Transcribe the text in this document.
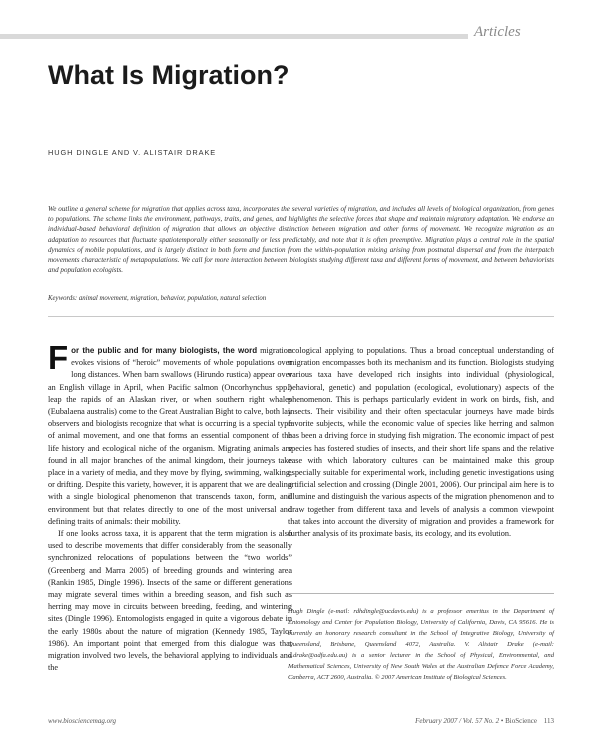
Articles
What Is Migration?
HUGH DINGLE AND V. ALISTAIR DRAKE

We outline a general scheme for migration that applies across taxa, incorporates the several varieties of migration, and includes all levels of biological organization, from genes to populations. The scheme links the environment, pathways, traits, and genes, and highlights the selective forces that shape and maintain migratory adaptation. We endorse an individual-based behavioral definition of migration that allows an objective distinction between migration and other forms of movement. We recognize migration as an adaptation to resources that fluctuate spatiotemporally either seasonally or less predictably, and note that it is often preemptive. Migration plays a central role in the spatial dynamics of mobile populations, and is largely distinct in both form and function from the within-population mixing arising from postnatal dispersal and from the interpatch movements characteristic of metapopulations. We call for more interaction between biologists studying different taxa and different forms of movement, and between behaviorists and population ecologists.

Keywords: animal movement, migration, behavior, population, natural selection

For the public and for many biologists, the word migration evokes visions of “heroic” movements of whole populations over long distances. When barn swallows (Hirundo rustica) appear over an English village in April, when Pacific salmon (Oncorhynchus spp.) leap the rapids of an Alaskan river, or when southern right whales (Eubalaena australis) come to the Great Australian Bight to calve, both lay observers and biologists recognize that what is occurring is a special type of animal movement, and one that forms an essential component of the life history and ecological niche of the organism. Migrating animals are found in all major branches of the animal kingdom, their journeys take place in a variety of media, and they move by flying, swimming, walking, or drifting. Despite this variety, however, it is apparent that we are dealing with a single biological phenomenon that transcends taxon, form, and environment but that relates directly to one of the most universal and defining traits of animals: their mobility.

If one looks across taxa, it is apparent that the term migration is also used to describe movements that differ considerably from the seasonally synchronized relocations of populations between the “two worlds” (Greenberg and Marra 2005) of breeding grounds and wintering area (Rankin 1985, Dingle 1996). Insects of the same or different generations may migrate several times within a breeding season, and fish such as herring may move in circuits between breeding, feeding, and wintering sites (Dingle 1996). Entomologists engaged in quite a vigorous debate in the early 1980s about the nature of migration (Kennedy 1985, Taylor 1986). An important point that emerged from this dialogue was that migration involved two levels, the behavioral applying to individuals and the

ecological applying to populations. Thus a broad conceptual understanding of migration encompasses both its mechanism and its function. Biologists studying various taxa have developed rich insights into individual (physiological, behavioral, genetic) and population (ecological, evolutionary) aspects of the phenomenon. This is perhaps particularly evident in work on birds, fish, and insects. Their visibility and their often spectacular journeys have made birds favorite subjects, while the economic value of species like herring and salmon has been a driving force in studying fish migration. The economic impact of pest species has fostered studies of insects, and their short life spans and the relative ease with which laboratory cultures can be maintained make this group especially suitable for experimental work, including genetic investigations using artificial selection and crossing (Dingle 2001, 2006). Our principal aim here is to illumine and distinguish the various aspects of the migration phenomenon and to draw together from different taxa and levels of analysis a common viewpoint that takes into account the diversity of migration and provides a framework for further analysis of its proximate basis, its ecology, and its evolution.

Hugh Dingle (e-mail: rdhdingle@ucdavis.edu) is a professor emeritus in the Department of Entomology and Center for Population Biology, University of California, Davis, CA 95616. He is currently an honorary research consultant in the School of Integrative Biology, University of Queensland, Brisbane, Queensland 4072, Australia. V. Alistair Drake (e-mail: a.drake@adfa.edu.au) is a senior lecturer in the School of Physical, Environmental, and Mathematical Sciences, University of New South Wales at the Australian Defence Force Academy, Canberra, ACT 2600, Australia. © 2007 American Institute of Biological Sciences.
www.biosciencemag.org	February 2007 / Vol. 57 No. 2 • BioScience 113
